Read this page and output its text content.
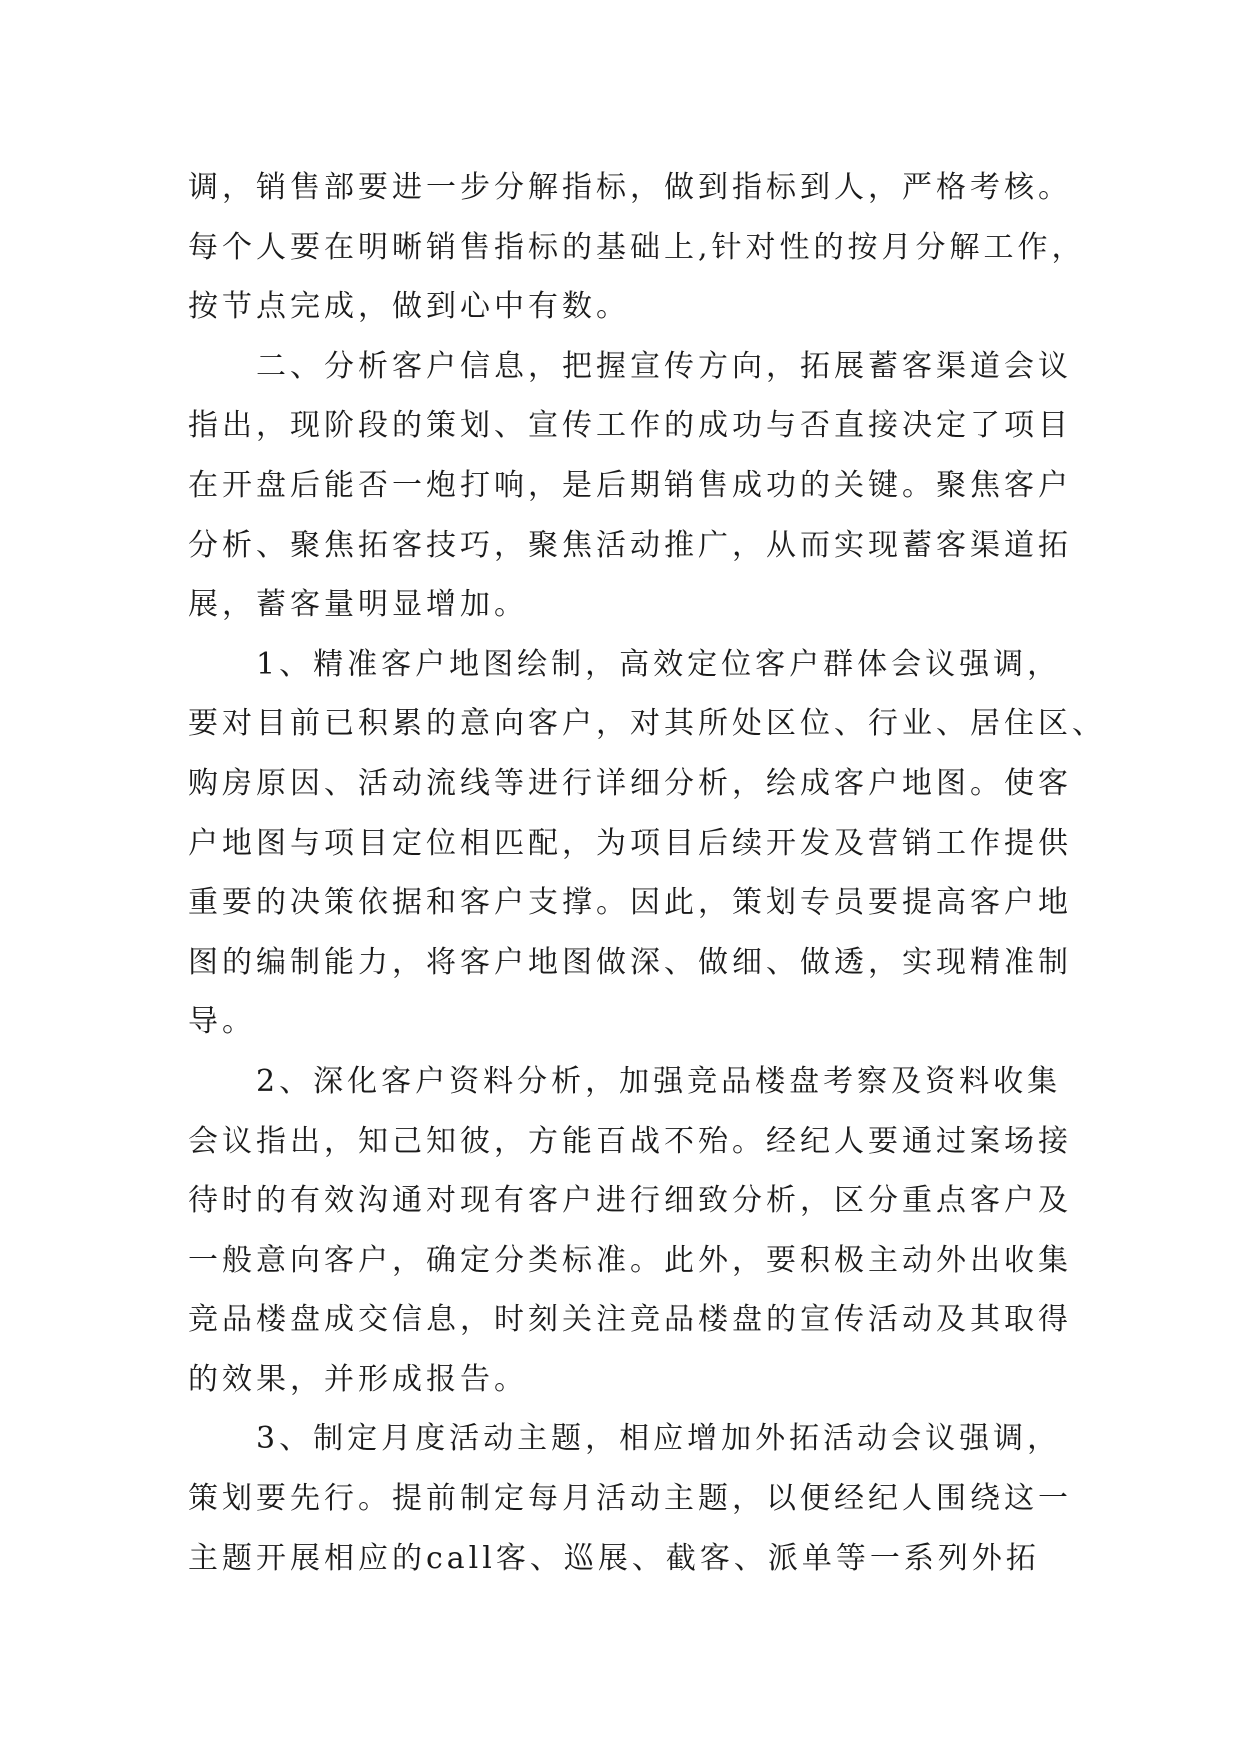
调，销售部要进一步分解指标，做到指标到人，严格考核。
每个人要在明晰销售指标的基础上,针对性的按月分解工作，
按节点完成，做到心中有数。
　　二、分析客户信息，把握宣传方向，拓展蓄客渠道会议
指出，现阶段的策划、宣传工作的成功与否直接决定了项目
在开盘后能否一炮打响，是后期销售成功的关键。聚焦客户
分析、聚焦拓客技巧，聚焦活动推广，从而实现蓄客渠道拓
展，蓄客量明显增加。
　　1、精准客户地图绘制，高效定位客户群体会议强调，
要对目前已积累的意向客户，对其所处区位、行业、居住区、
购房原因、活动流线等进行详细分析，绘成客户地图。使客
户地图与项目定位相匹配，为项目后续开发及营销工作提供
重要的决策依据和客户支撑。因此，策划专员要提高客户地
图的编制能力，将客户地图做深、做细、做透，实现精准制
导。
　　2、深化客户资料分析，加强竞品楼盘考察及资料收集
会议指出，知己知彼，方能百战不殆。经纪人要通过案场接
待时的有效沟通对现有客户进行细致分析，区分重点客户及
一般意向客户，确定分类标准。此外，要积极主动外出收集
竞品楼盘成交信息，时刻关注竞品楼盘的宣传活动及其取得
的效果，并形成报告。
　　3、制定月度活动主题，相应增加外拓活动会议强调，
策划要先行。提前制定每月活动主题，以便经纪人围绕这一
主题开展相应的call客、巡展、截客、派单等一系列外拓
